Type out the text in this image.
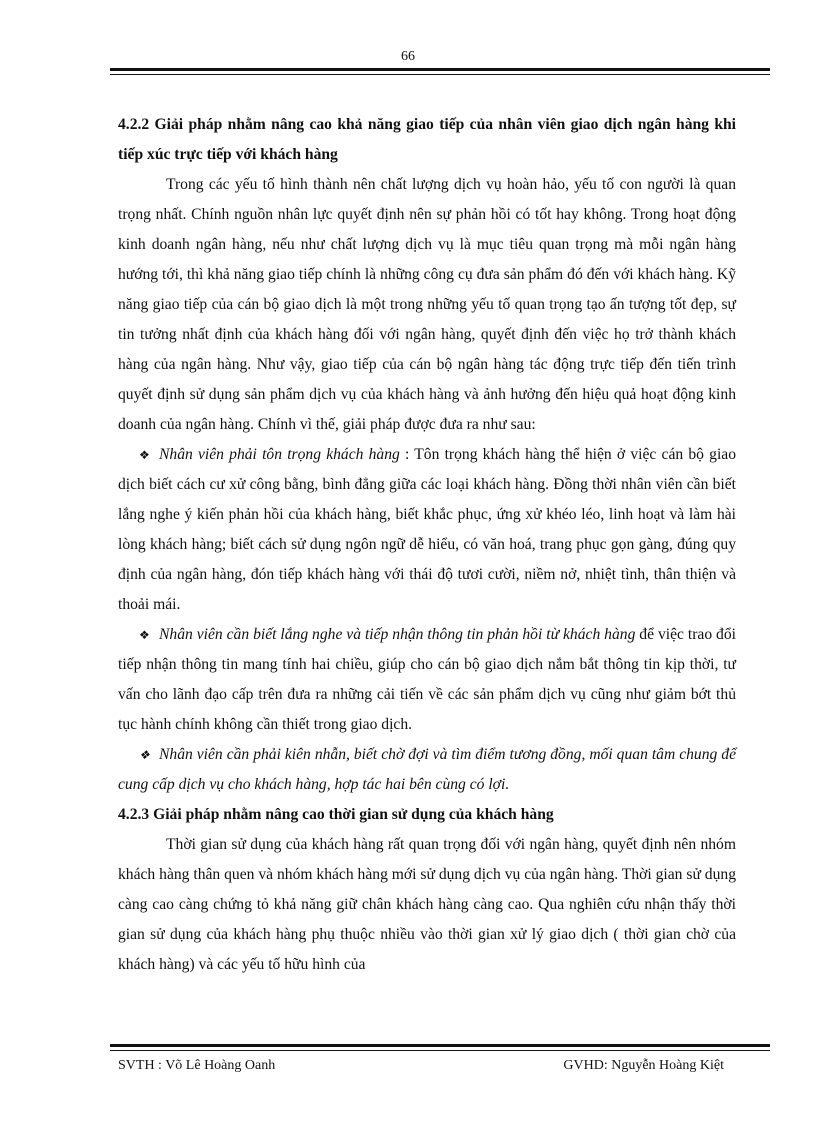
66

4.2.2 Giải pháp nhằm nâng cao khả năng giao tiếp của nhân viên giao dịch ngân hàng khi tiếp xúc trực tiếp với khách hàng

Trong các yếu tố hình thành nên chất lượng dịch vụ hoàn hảo, yếu tố con người là quan trọng nhất. Chính nguồn nhân lực quyết định nên sự phản hồi có tốt hay không. Trong hoạt động kinh doanh ngân hàng, nếu như chất lượng dịch vụ là mục tiêu quan trọng mà mỗi ngân hàng hướng tới, thì khả năng giao tiếp chính là những công cụ đưa sản phẩm đó đến với khách hàng. Kỹ năng giao tiếp của cán bộ giao dịch là một trong những yếu tố quan trọng tạo ấn tượng tốt đẹp, sự tin tưởng nhất định của khách hàng đối với ngân hàng, quyết định đến việc họ trở thành khách hàng của ngân hàng. Như vậy, giao tiếp của cán bộ ngân hàng tác động trực tiếp đến tiến trình quyết định sử dụng sản phẩm dịch vụ của khách hàng và ảnh hưởng đến hiệu quả hoạt động kinh doanh của ngân hàng. Chính vì thế, giải pháp được đưa ra như sau:

❖ Nhân viên phải tôn trọng khách hàng : Tôn trọng khách hàng thể hiện ở việc cán bộ giao dịch biết cách cư xử công bằng, bình đẳng giữa các loại khách hàng. Đồng thời nhân viên cần biết lắng nghe ý kiến phản hồi của khách hàng, biết khắc phục, ứng xử khéo léo, linh hoạt và làm hài lòng khách hàng; biết cách sử dụng ngôn ngữ dễ hiểu, có văn hoá, trang phục gọn gàng, đúng quy định của ngân hàng, đón tiếp khách hàng với thái độ tươi cười, niềm nở, nhiệt tình, thân thiện và thoải mái.

❖ Nhân viên cần biết lắng nghe và tiếp nhận thông tin phản hồi từ khách hàng để việc trao đổi tiếp nhận thông tin mang tính hai chiều, giúp cho cán bộ giao dịch nắm bắt thông tin kịp thời, tư vấn cho lãnh đạo cấp trên đưa ra những cải tiến về các sản phẩm dịch vụ cũng như giảm bớt thủ tục hành chính không cần thiết trong giao dịch.

❖ Nhân viên cần phải kiên nhẫn, biết chờ đợi và tìm điểm tương đồng, mối quan tâm chung để cung cấp dịch vụ cho khách hàng, hợp tác hai bên cùng có lợi.

4.2.3 Giải pháp nhằm nâng cao thời gian sử dụng của khách hàng

Thời gian sử dụng của khách hàng rất quan trọng đối với ngân hàng, quyết định nên nhóm khách hàng thân quen và nhóm khách hàng mới sử dụng dịch vụ của ngân hàng. Thời gian sử dụng càng cao càng chứng tỏ khả năng giữ chân khách hàng càng cao. Qua nghiên cứu nhận thấy thời gian sử dụng của khách hàng phụ thuộc nhiều vào thời gian xử lý giao dịch ( thời gian chờ của khách hàng) và các yếu tố hữu hình của

SVTH : Võ Lê Hoàng Oanh	GVHD: Nguyễn Hoàng Kiệt
